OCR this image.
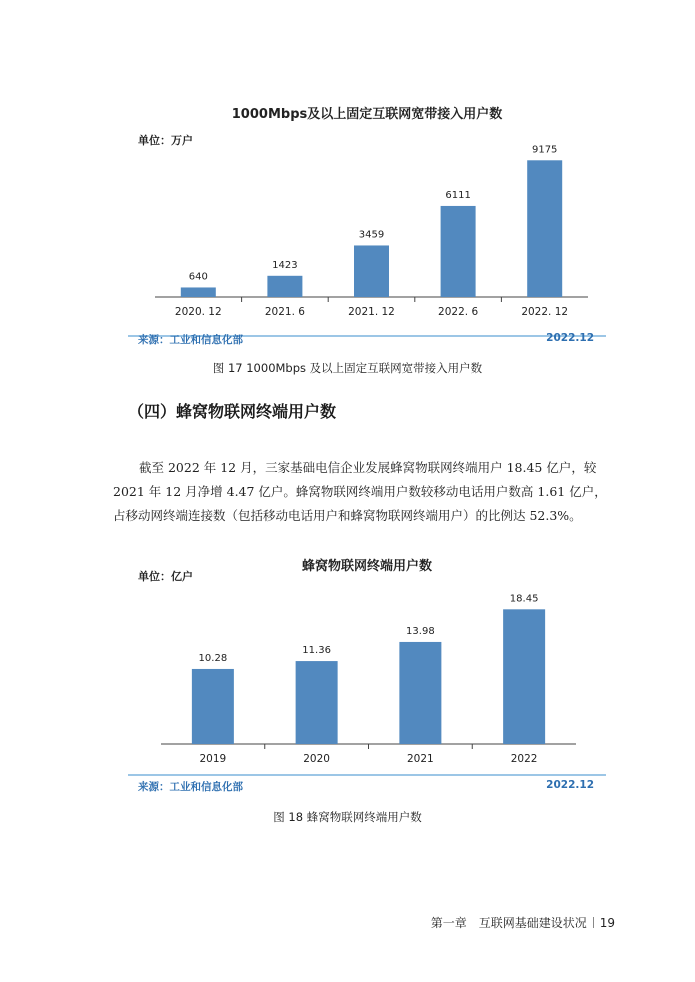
1000Mbps及以上固定互联网宽带接入用户数
单位：万户
640
2020. 12
1423
2021. 6
3459
2021. 12
6111
2022. 6
9175
2022. 12
来源：工业和信息化部	2022.12
图 17 1000Mbps 及以上固定互联网宽带接入用户数
（四）蜂窝物联网终端用户数
截至 2022 年 12 月，三家基础电信企业发展蜂窝物联网终端用户 18.45 亿户，较
2021 年 12 月净增 4.47 亿户。蜂窝物联网终端用户数较移动电话用户数高 1.61 亿户，
占移动网终端连接数（包括移动电话用户和蜂窝物联网终端用户）的比例达 52.3%。
蜂窝物联网终端用户数
单位：亿户
10.28
2019
11.36
2020
13.98
2021
18.45
2022
来源：工业和信息化部	2022.12
图 18 蜂窝物联网终端用户数
第一章　互联网基础建设状况 19
